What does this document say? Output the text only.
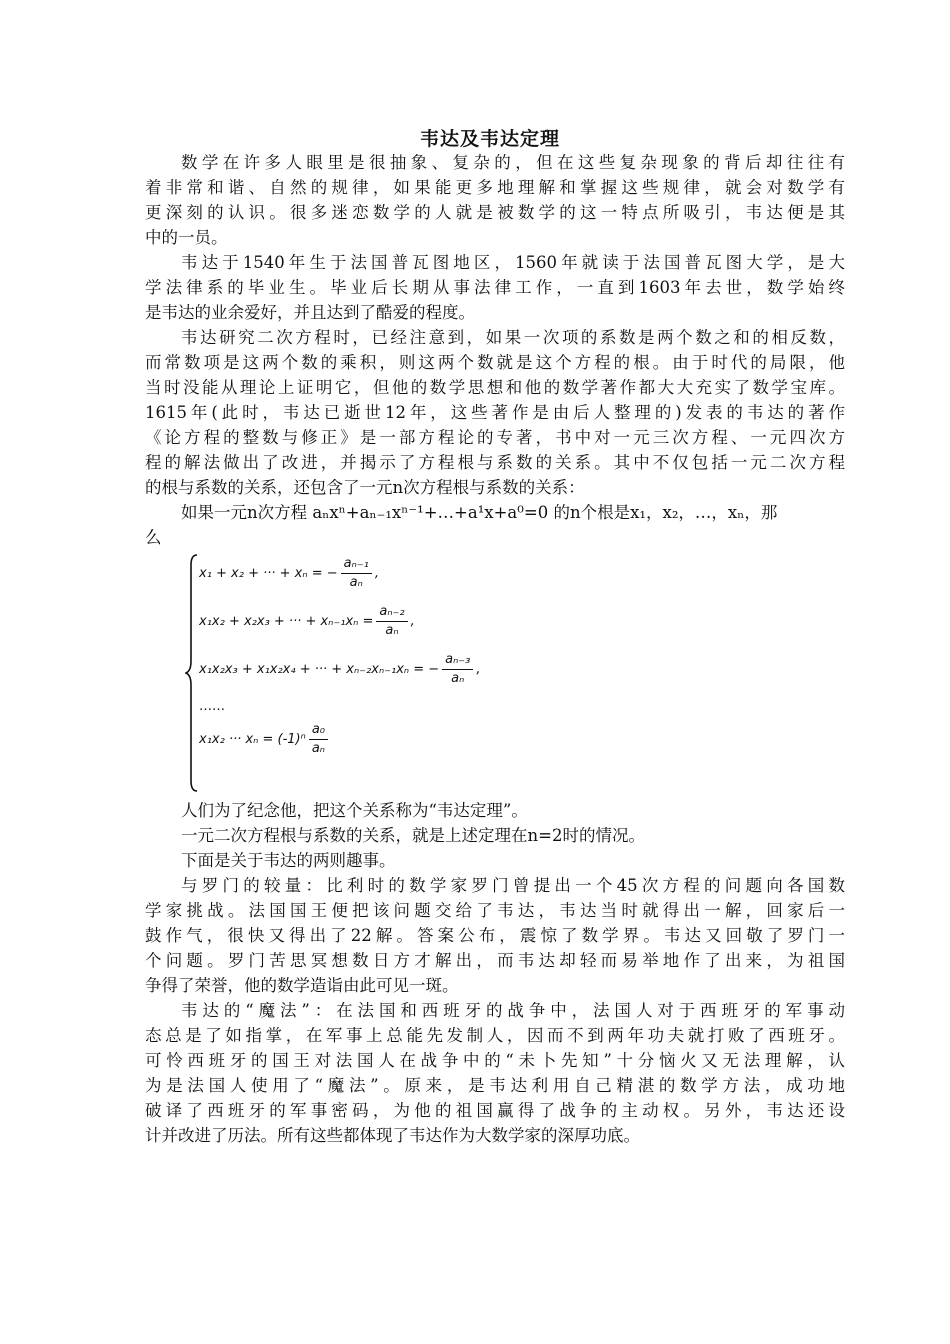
韦达及韦达定理
数学在许多人眼里是很抽象、复杂的，但在这些复杂现象的背后却往往有
着非常和谐、自然的规律，如果能更多地理解和掌握这些规律，就会对数学有
更深刻的认识。很多迷恋数学的人就是被数学的这一特点所吸引，韦达便是其
中的一员。
韦达于1540年生于法国普瓦图地区，1560年就读于法国普瓦图大学，是大
学法律系的毕业生。毕业后长期从事法律工作，一直到1603年去世，数学始终
是韦达的业余爱好，并且达到了酷爱的程度。
韦达研究二次方程时，已经注意到，如果一次项的系数是两个数之和的相反数，
而常数项是这两个数的乘积，则这两个数就是这个方程的根。由于时代的局限，他
当时没能从理论上证明它，但他的数学思想和他的数学著作都大大充实了数学宝库。
1615年(此时，韦达已逝世12年，这些著作是由后人整理的)发表的韦达的著作
《论方程的整数与修正》是一部方程论的专著，书中对一元三次方程、一元四次方
程的解法做出了改进，并揭示了方程根与系数的关系。其中不仅包括一元二次方程
的根与系数的关系，还包含了一元n次方程根与系数的关系：
如果一元n次方程 aₙxⁿ+aₙ₋₁xⁿ⁻¹+…+a¹x+a⁰=0 的n个根是x₁，x₂，…，xₙ，那
么
x₁ + x₂ + ··· + xₙ = − $\frac{\text{aₙ₋₁}}{\text{aₙ}}$ ,
x₁x₂ + x₂x₃ + ··· + $x_{n-1}x_n = \frac{\text{aₙ₋₂}}{\text{aₙ}}$ ,
x₁x₂x₃ + x₁x₂x₄ + ··· + xₙ₋₂xₙ₋₁xₙ = − $\frac{\text{aₙ₋₃}}{\text{aₙ}}$ ,
……
x₁x₂ ··· $x_n = (-1)^n \frac{\text{a₀}}{\text{aₙ}}$
人们为了纪念他，把这个关系称为“韦达定理”。
一元二次方程根与系数的关系，就是上述定理在n=2时的情况。
下面是关于韦达的两则趣事。
与罗门的较量：比利时的数学家罗门曾提出一个45次方程的问题向各国数
学家挑战。法国国王便把该问题交给了韦达，韦达当时就得出一解，回家后一
鼓作气，很快又得出了22解。答案公布，震惊了数学界。韦达又回敬了罗门一
个问题。罗门苦思冥想数日方才解出，而韦达却轻而易举地作了出来，为祖国
争得了荣誉，他的数学造诣由此可见一斑。
韦达的“魔法”：在法国和西班牙的战争中，法国人对于西班牙的军事动
态总是了如指掌，在军事上总能先发制人，因而不到两年功夫就打败了西班牙。
可怜西班牙的国王对法国人在战争中的“未卜先知”十分恼火又无法理解，认
为是法国人使用了“魔法”。原来，是韦达利用自己精湛的数学方法，成功地
破译了西班牙的军事密码，为他的祖国赢得了战争的主动权。另外，韦达还设
计并改进了历法。所有这些都体现了韦达作为大数学家的深厚功底。
